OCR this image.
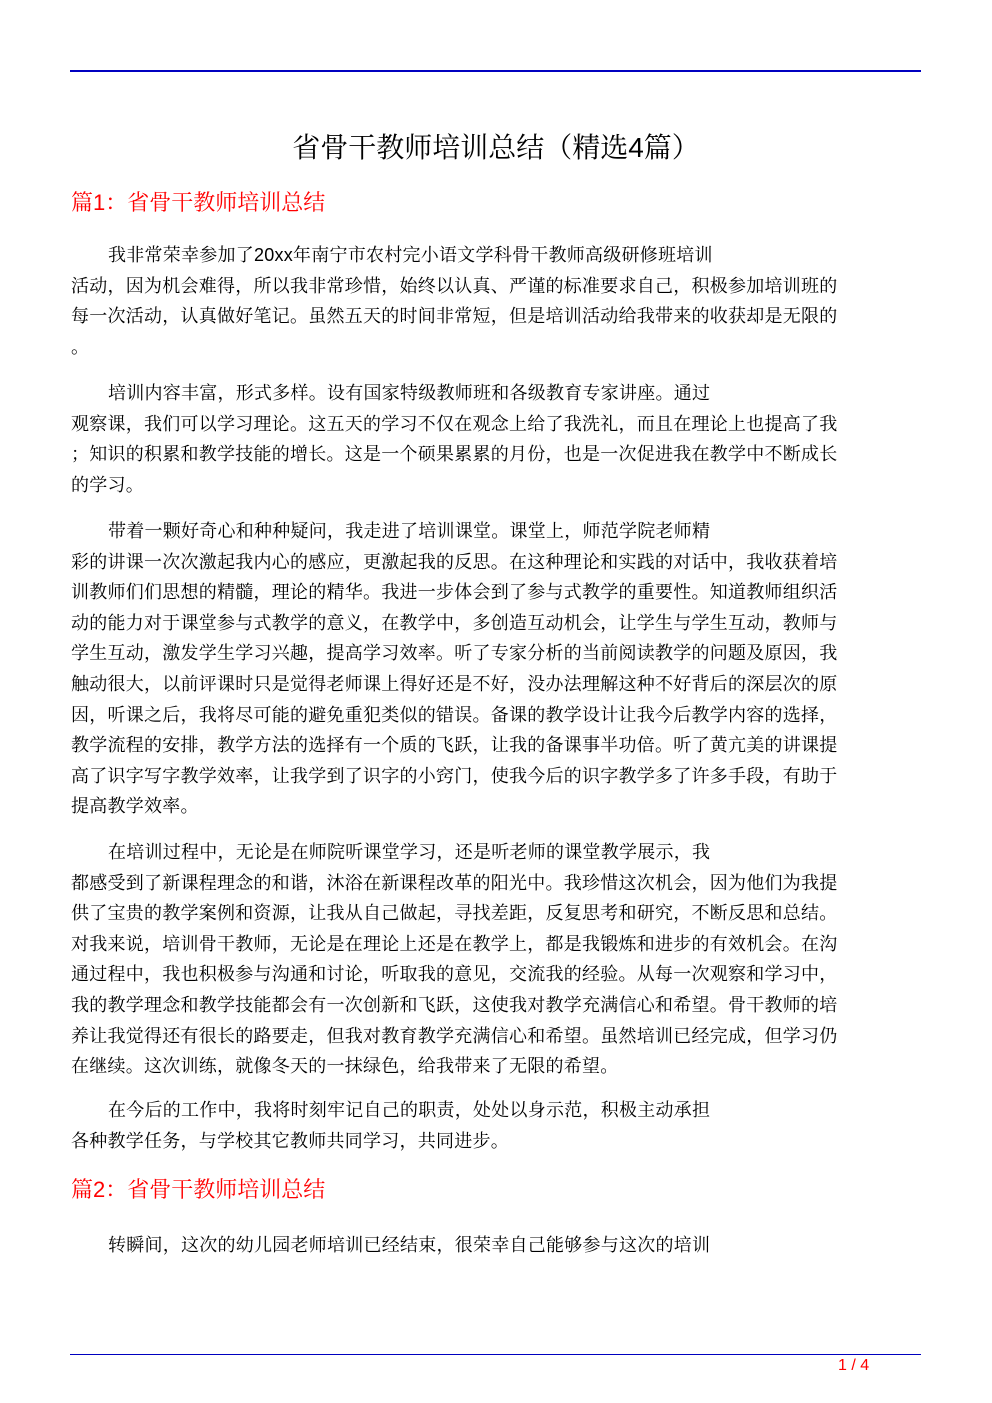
省骨干教师培训总结（精选4篇）
篇1：省骨干教师培训总结
我非常荣幸参加了20xx年南宁市农村完小语文学科骨干教师高级研修班培训
活动，因为机会难得，所以我非常珍惜，始终以认真、严谨的标准要求自己，积极参加培训班的
每一次活动，认真做好笔记。虽然五天的时间非常短，但是培训活动给我带来的收获却是无限的
。
培训内容丰富，形式多样。设有国家特级教师班和各级教育专家讲座。通过
观察课，我们可以学习理论。这五天的学习不仅在观念上给了我洗礼，而且在理论上也提高了我
；知识的积累和教学技能的增长。这是一个硕果累累的月份，也是一次促进我在教学中不断成长
的学习。
带着一颗好奇心和种种疑问，我走进了培训课堂。课堂上，师范学院老师精
彩的讲课一次次激起我内心的感应，更激起我的反思。在这种理论和实践的对话中，我收获着培
训教师们们思想的精髓，理论的精华。我进一步体会到了参与式教学的重要性。知道教师组织活
动的能力对于课堂参与式教学的意义，在教学中，多创造互动机会，让学生与学生互动，教师与
学生互动，激发学生学习兴趣，提高学习效率。听了专家分析的当前阅读教学的问题及原因，我
触动很大，以前评课时只是觉得老师课上得好还是不好，没办法理解这种不好背后的深层次的原
因，听课之后，我将尽可能的避免重犯类似的错误。备课的教学设计让我今后教学内容的选择，
教学流程的安排，教学方法的选择有一个质的飞跃，让我的备课事半功倍。听了黄亢美的讲课提
高了识字写字教学效率，让我学到了识字的小窍门，使我今后的识字教学多了许多手段，有助于
提高教学效率。
在培训过程中，无论是在师院听课堂学习，还是听老师的课堂教学展示，我
都感受到了新课程理念的和谐，沐浴在新课程改革的阳光中。我珍惜这次机会，因为他们为我提
供了宝贵的教学案例和资源，让我从自己做起，寻找差距，反复思考和研究，不断反思和总结。
对我来说，培训骨干教师，无论是在理论上还是在教学上，都是我锻炼和进步的有效机会。在沟
通过程中，我也积极参与沟通和讨论，听取我的意见，交流我的经验。从每一次观察和学习中，
我的教学理念和教学技能都会有一次创新和飞跃，这使我对教学充满信心和希望。骨干教师的培
养让我觉得还有很长的路要走，但我对教育教学充满信心和希望。虽然培训已经完成，但学习仍
在继续。这次训练，就像冬天的一抹绿色，给我带来了无限的希望。
在今后的工作中，我将时刻牢记自己的职责，处处以身示范，积极主动承担
各种教学任务，与学校其它教师共同学习，共同进步。
篇2：省骨干教师培训总结
转瞬间，这次的幼儿园老师培训已经结束，很荣幸自己能够参与这次的培训
1 / 4
